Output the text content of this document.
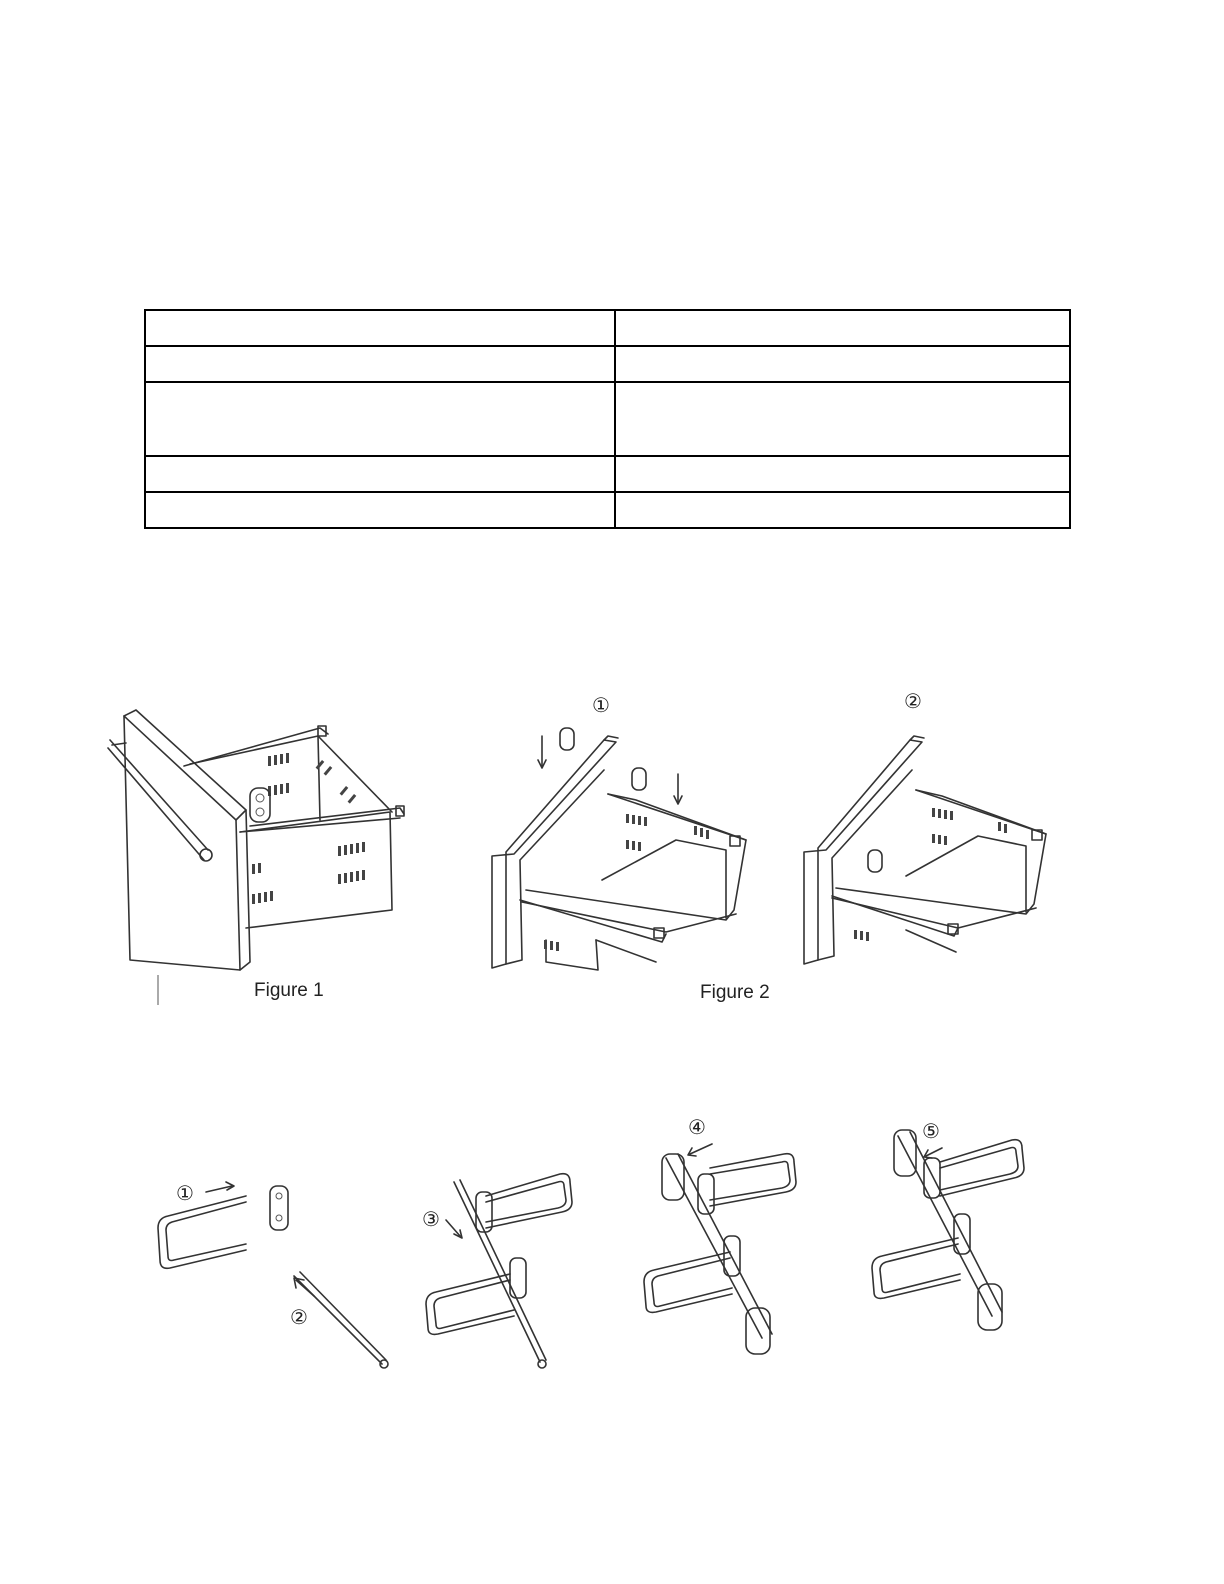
Figure 1
①	②
Figure 2
①
②
③
④	⑤
